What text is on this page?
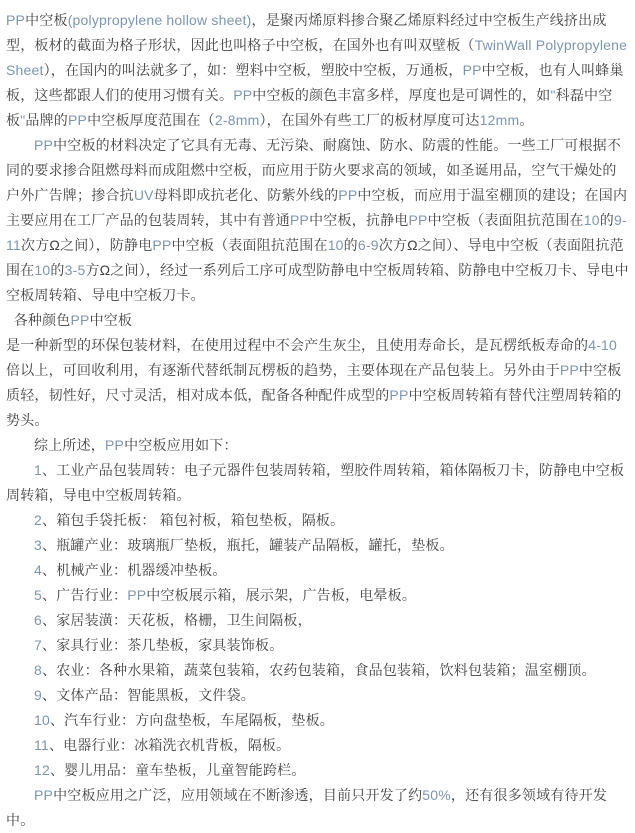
PP中空板(polypropylene hollow sheet)，是聚丙烯原料掺合聚乙烯原料经过中空板生产线挤出成型，板材的截面为格子形状，因此也叫格子中空板，在国外也有叫双壁板（TwinWall Polypropylene Sheet），在国内的叫法就多了，如：塑料中空板，塑胶中空板，万通板，PP中空板，也有人叫蜂巢板，这些都跟人们的使用习惯有关。PP中空板的颜色丰富多样，厚度也是可调性的，如"科磊中空板"品牌的PP中空板厚度范围在（2-8mm），在国外有些工厂的板材厚度可达12mm。
PP中空板的材料决定了它具有无毒、无污染、耐腐蚀、防水、防震的性能。一些工厂可根据不同的要求掺合阻燃母料而成阻燃中空板，而应用于防火要求高的领域，如圣诞用品，空气干燥处的户外广告牌；掺合抗UV母料即成抗老化、防紫外线的PP中空板，而应用于温室棚顶的建设；在国内主要应用在工厂产品的包装周转，其中有普通PP中空板，抗静电PP中空板（表面阻抗范围在10的9-11次方Ω之间），防静电PP中空板（表面阻抗范围在10的6-9次方Ω之间）、导电中空板（表面阻抗范围在10的3-5方Ω之间），经过一系列后工序可成型防静电中空板周转箱、防静电中空板刀卡、导电中空板周转箱、导电中空板刀卡。
各种颜色PP中空板
是一种新型的环保包装材料，在使用过程中不会产生灰尘，且使用寿命长，是瓦楞纸板寿命的4-10倍以上，可回收利用，有逐渐代替纸制瓦楞板的趋势，主要体现在产品包装上。另外由于PP中空板质轻，韧性好，尺寸灵活，相对成本低，配备各种配件成型的PP中空板周转箱有替代注塑周转箱的势头。
综上所述，PP中空板应用如下：
1、工业产品包装周转：电子元器件包装周转箱，塑胶件周转箱，箱体隔板刀卡，防静电中空板周转箱，导电中空板周转箱。
2、箱包手袋托板： 箱包衬板，箱包垫板，隔板。
3、瓶罐产业：玻璃瓶厂垫板，瓶托，罐装产品隔板，罐托，垫板。
4、机械产业：机器缓冲垫板。
5、广告行业：PP中空板展示箱，展示架，广告板，电晕板。
6、家居装潢：天花板，格栅，卫生间隔板，
7、家具行业：茶几垫板，家具装饰板。
8、农业：各种水果箱，蔬菜包装箱，农药包装箱，食品包装箱，饮料包装箱；温室棚顶。
9、文体产品：智能黑板，文件袋。
10、汽车行业：方向盘垫板，车尾隔板，垫板。
11、电器行业：冰箱洗衣机背板，隔板。
12、婴儿用品：童车垫板，儿童智能跨栏。
PP中空板应用之广泛，应用领域在不断渗透，目前只开发了约50%，还有很多领域有待开发中。
